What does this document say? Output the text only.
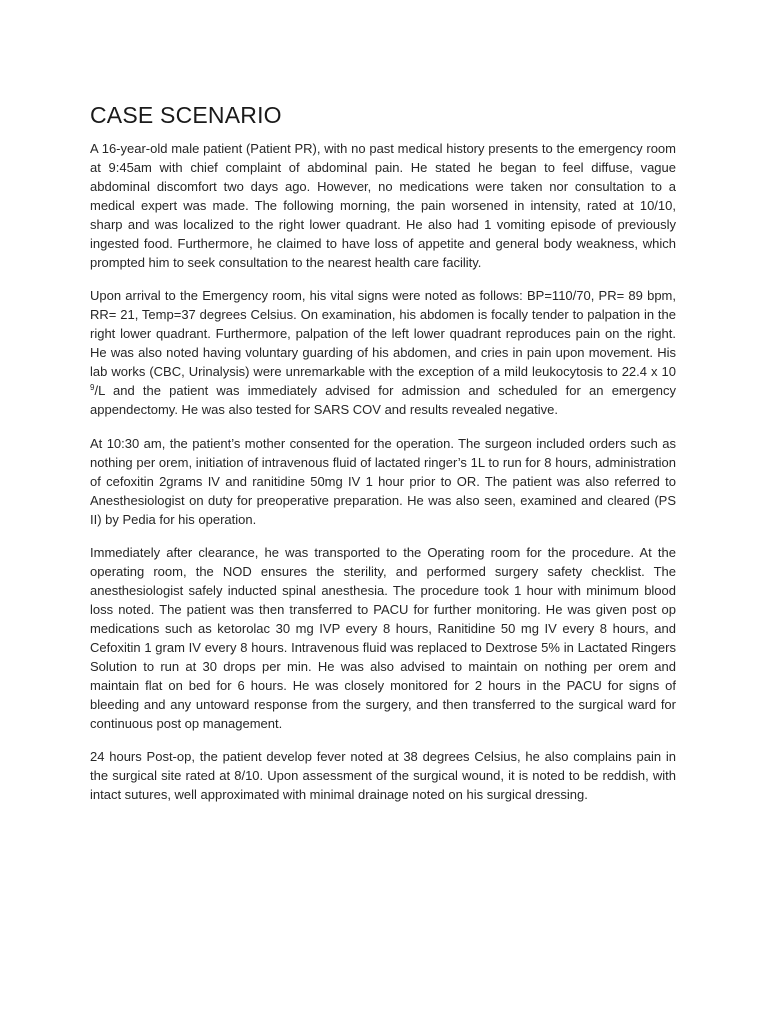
CASE SCENARIO

A 16-year-old male patient (Patient PR), with no past medical history presents to the emergency room at 9:45am with chief complaint of abdominal pain. He stated he began to feel diffuse, vague abdominal discomfort two days ago. However, no medications were taken nor consultation to a medical expert was made. The following morning, the pain worsened in intensity, rated at 10/10, sharp and was localized to the right lower quadrant. He also had 1 vomiting episode of previously ingested food. Furthermore, he claimed to have loss of appetite and general body weakness, which prompted him to seek consultation to the nearest health care facility.

Upon arrival to the Emergency room, his vital signs were noted as follows: BP=110/70, PR= 89 bpm, RR= 21, Temp=37 degrees Celsius. On examination, his abdomen is focally tender to palpation in the right lower quadrant. Furthermore, palpation of the left lower quadrant reproduces pain on the right. He was also noted having voluntary guarding of his abdomen, and cries in pain upon movement. His lab works (CBC, Urinalysis) were unremarkable with the exception of a mild leukocytosis to 22.4 x 10 $^9$/L and the patient was immediately advised for admission and scheduled for an emergency appendectomy. He was also tested for SARS COV and results revealed negative.

At 10:30 am, the patient’s mother consented for the operation. The surgeon included orders such as nothing per orem, initiation of intravenous fluid of lactated ringer’s 1L to run for 8 hours, administration of cefoxitin 2grams IV and ranitidine 50mg IV 1 hour prior to OR. The patient was also referred to Anesthesiologist on duty for preoperative preparation. He was also seen, examined and cleared (PS II) by Pedia for his operation.

Immediately after clearance, he was transported to the Operating room for the procedure. At the operating room, the NOD ensures the sterility, and performed surgery safety checklist. The anesthesiologist safely inducted spinal anesthesia. The procedure took 1 hour with minimum blood loss noted. The patient was then transferred to PACU for further monitoring. He was given post op medications such as ketorolac 30 mg IVP every 8 hours, Ranitidine 50 mg IV every 8 hours, and Cefoxitin 1 gram IV every 8 hours. Intravenous fluid was replaced to Dextrose 5% in Lactated Ringers Solution to run at 30 drops per min. He was also advised to maintain on nothing per orem and maintain flat on bed for 6 hours. He was closely monitored for 2 hours in the PACU for signs of bleeding and any untoward response from the surgery, and then transferred to the surgical ward for continuous post op management.

24 hours Post-op, the patient develop fever noted at 38 degrees Celsius, he also complains pain in the surgical site rated at 8/10. Upon assessment of the surgical wound, it is noted to be reddish, with intact sutures, well approximated with minimal drainage noted on his surgical dressing.
